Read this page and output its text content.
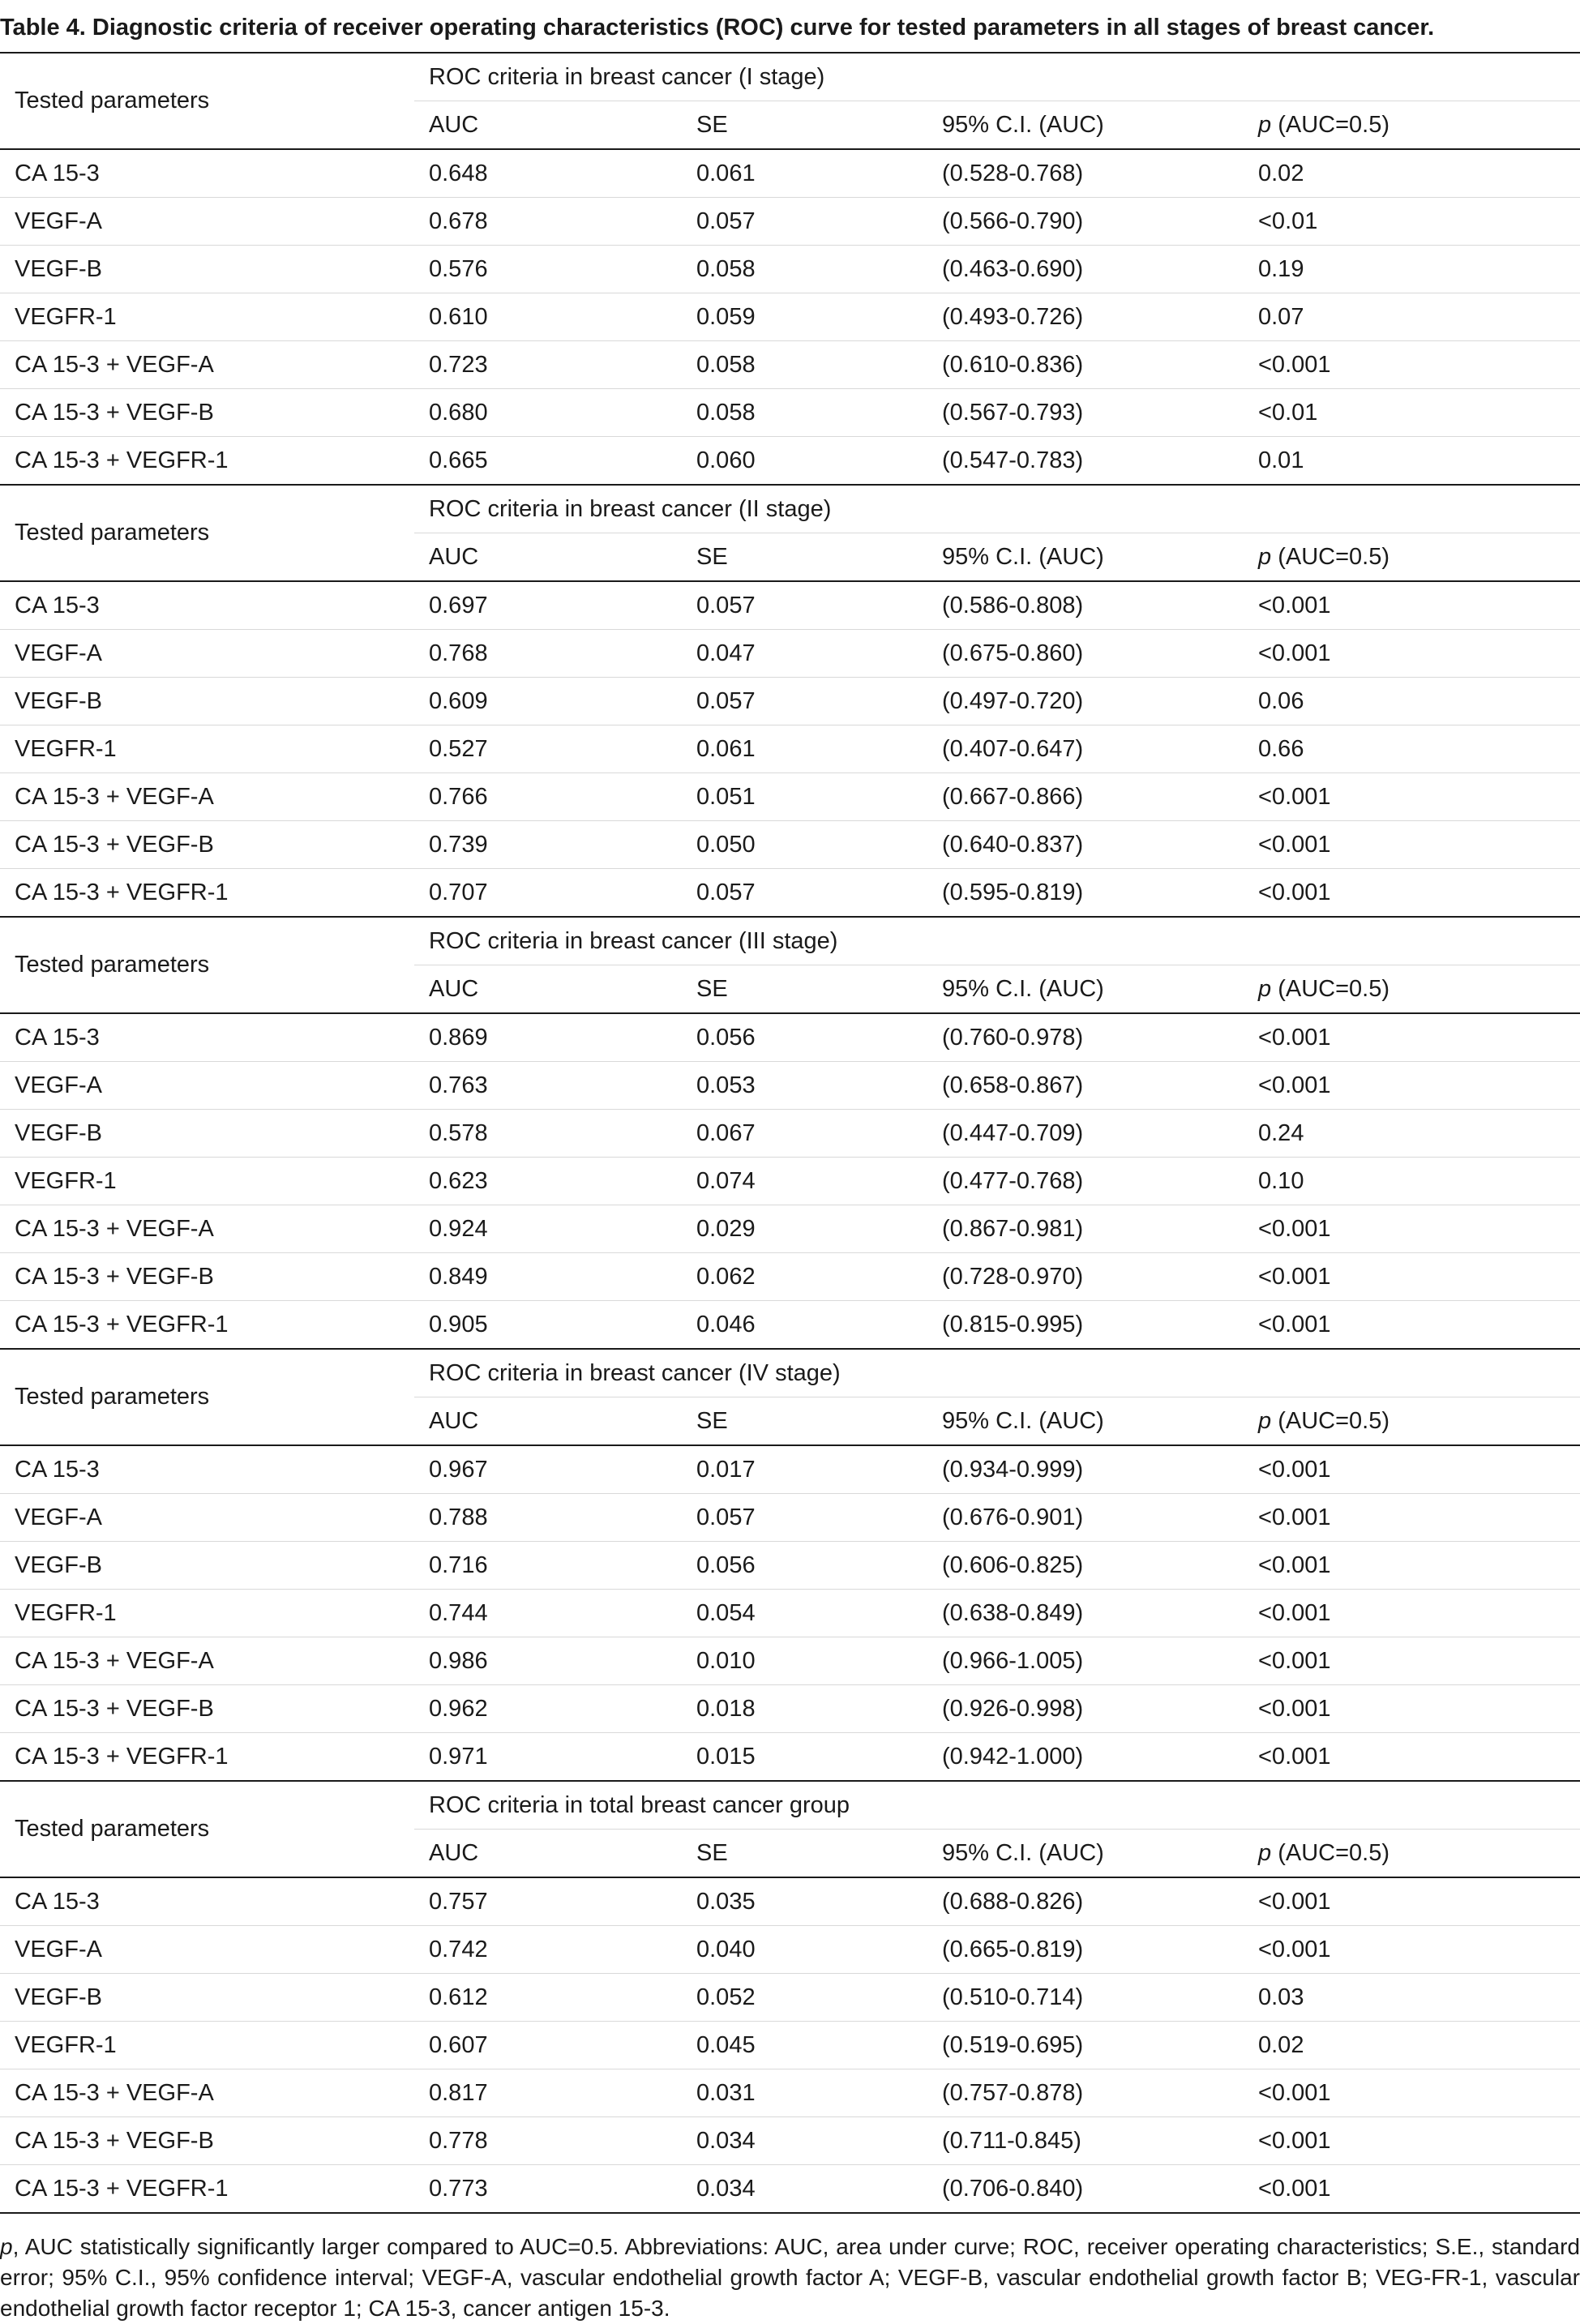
Table 4. Diagnostic criteria of receiver operating characteristics (ROC) curve for tested parameters in all stages of breast cancer.
Tested parameters	ROC criteria in breast cancer (I stage)			
	AUC	SE	95% C.I. (AUC)	p (AUC=0.5)
CA 15-3	0.648	0.061	(0.528-0.768)	0.02
VEGF-A	0.678	0.057	(0.566-0.790)	<0.01
VEGF-B	0.576	0.058	(0.463-0.690)	0.19
VEGFR-1	0.610	0.059	(0.493-0.726)	0.07
CA 15-3 + VEGF-A	0.723	0.058	(0.610-0.836)	<0.001
CA 15-3 + VEGF-B	0.680	0.058	(0.567-0.793)	<0.01
CA 15-3 + VEGFR-1	0.665	0.060	(0.547-0.783)	0.01
Tested parameters	ROC criteria in breast cancer (II stage)			
	AUC	SE	95% C.I. (AUC)	p (AUC=0.5)
CA 15-3	0.697	0.057	(0.586-0.808)	<0.001
VEGF-A	0.768	0.047	(0.675-0.860)	<0.001
VEGF-B	0.609	0.057	(0.497-0.720)	0.06
VEGFR-1	0.527	0.061	(0.407-0.647)	0.66
CA 15-3 + VEGF-A	0.766	0.051	(0.667-0.866)	<0.001
CA 15-3 + VEGF-B	0.739	0.050	(0.640-0.837)	<0.001
CA 15-3 + VEGFR-1	0.707	0.057	(0.595-0.819)	<0.001
Tested parameters	ROC criteria in breast cancer (III stage)			
	AUC	SE	95% C.I. (AUC)	p (AUC=0.5)
CA 15-3	0.869	0.056	(0.760-0.978)	<0.001
VEGF-A	0.763	0.053	(0.658-0.867)	<0.001
VEGF-B	0.578	0.067	(0.447-0.709)	0.24
VEGFR-1	0.623	0.074	(0.477-0.768)	0.10
CA 15-3 + VEGF-A	0.924	0.029	(0.867-0.981)	<0.001
CA 15-3 + VEGF-B	0.849	0.062	(0.728-0.970)	<0.001
CA 15-3 + VEGFR-1	0.905	0.046	(0.815-0.995)	<0.001
Tested parameters	ROC criteria in breast cancer (IV stage)			
	AUC	SE	95% C.I. (AUC)	p (AUC=0.5)
CA 15-3	0.967	0.017	(0.934-0.999)	<0.001
VEGF-A	0.788	0.057	(0.676-0.901)	<0.001
VEGF-B	0.716	0.056	(0.606-0.825)	<0.001
VEGFR-1	0.744	0.054	(0.638-0.849)	<0.001
CA 15-3 + VEGF-A	0.986	0.010	(0.966-1.005)	<0.001
CA 15-3 + VEGF-B	0.962	0.018	(0.926-0.998)	<0.001
CA 15-3 + VEGFR-1	0.971	0.015	(0.942-1.000)	<0.001
Tested parameters	ROC criteria in total breast cancer group			
	AUC	SE	95% C.I. (AUC)	p (AUC=0.5)
CA 15-3	0.757	0.035	(0.688-0.826)	<0.001
VEGF-A	0.742	0.040	(0.665-0.819)	<0.001
VEGF-B	0.612	0.052	(0.510-0.714)	0.03
VEGFR-1	0.607	0.045	(0.519-0.695)	0.02
CA 15-3 + VEGF-A	0.817	0.031	(0.757-0.878)	<0.001
CA 15-3 + VEGF-B	0.778	0.034	(0.711-0.845)	<0.001
CA 15-3 + VEGFR-1	0.773	0.034	(0.706-0.840)	<0.001

p, AUC statistically significantly larger compared to AUC=0.5. Abbreviations: AUC, area under curve; ROC, receiver operating characteristics; S.E., standard error; 95% C.I., 95% confidence interval; VEGF-A, vascular endothelial growth factor A; VEGF-B, vascular endothelial growth factor B; VEG-FR-1, vascular endothelial growth factor receptor 1; CA 15-3, cancer antigen 15-3.
